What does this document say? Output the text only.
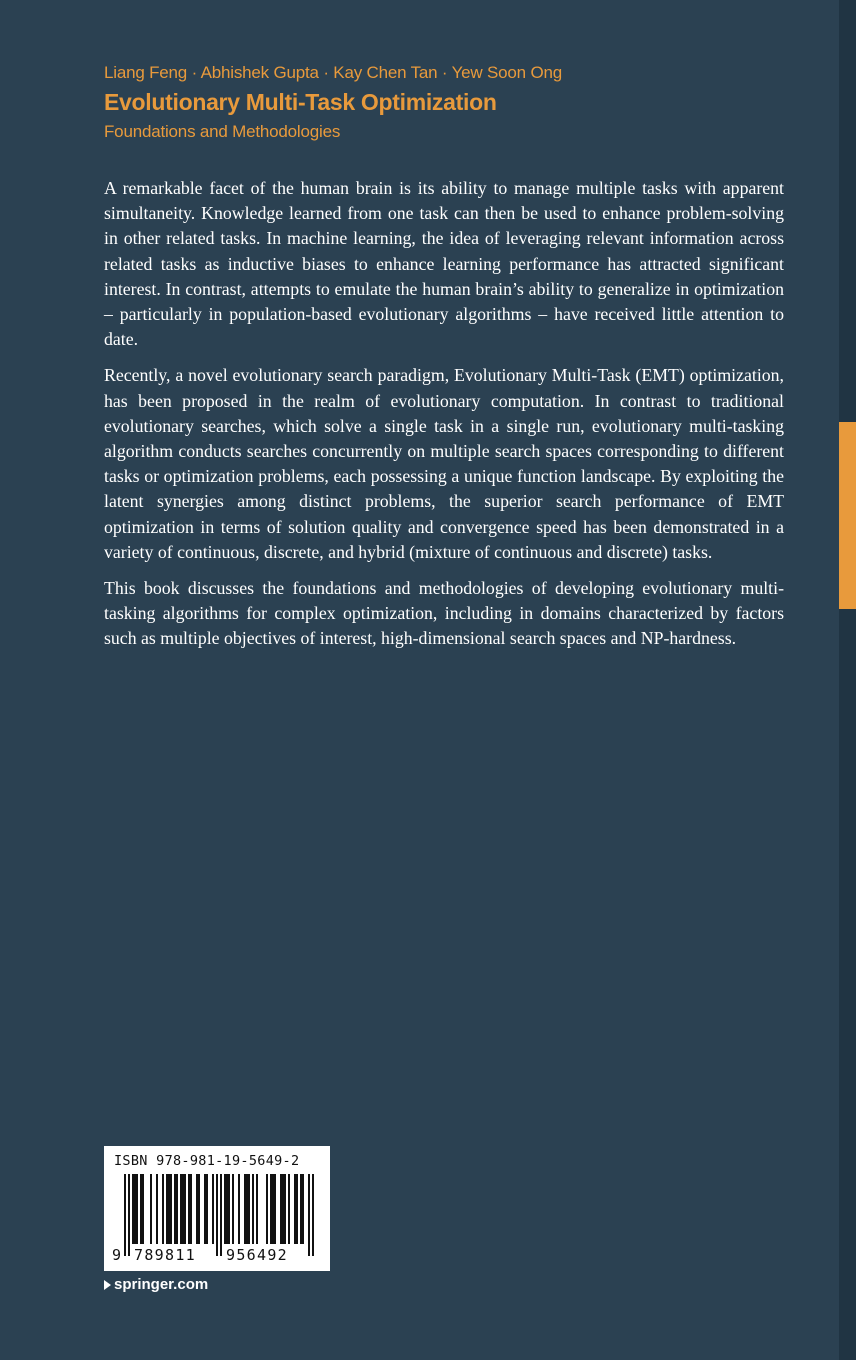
Liang Feng · Abhishek Gupta · Kay Chen Tan · Yew Soon Ong
Evolutionary Multi-Task Optimization
Foundations and Methodologies

A remarkable facet of the human brain is its ability to manage multiple tasks with apparent simultaneity. Knowledge learned from one task can then be used to enhance problem-solving in other related tasks. In machine learning, the idea of leveraging relevant information across related tasks as inductive biases to enhance learning performance has attracted significant interest. In contrast, attempts to emulate the human brain’s ability to generalize in optimization – particularly in population-based evolutionary algorithms – have received little attention to date.

Recently, a novel evolutionary search paradigm, Evolutionary Multi-Task (EMT) optimization, has been proposed in the realm of evolutionary computation. In contrast to traditional evolutionary searches, which solve a single task in a single run, evolutionary multi-tasking algorithm conducts searches concurrently on multiple search spaces corresponding to different tasks or optimization problems, each possessing a unique function landscape. By exploiting the latent synergies among distinct problems, the superior search performance of EMT optimization in terms of solution quality and convergence speed has been demonstrated in a variety of continuous, discrete, and hybrid (mixture of continuous and discrete) tasks.

This book discusses the foundations and methodologies of developing evolutionary multi-tasking algorithms for complex optimization, including in domains characterized by factors such as multiple objectives of interest, high-dimensional search spaces and NP-hardness.

ISBN 978-981-19-5649-2
9 789811 956492
springer.com
